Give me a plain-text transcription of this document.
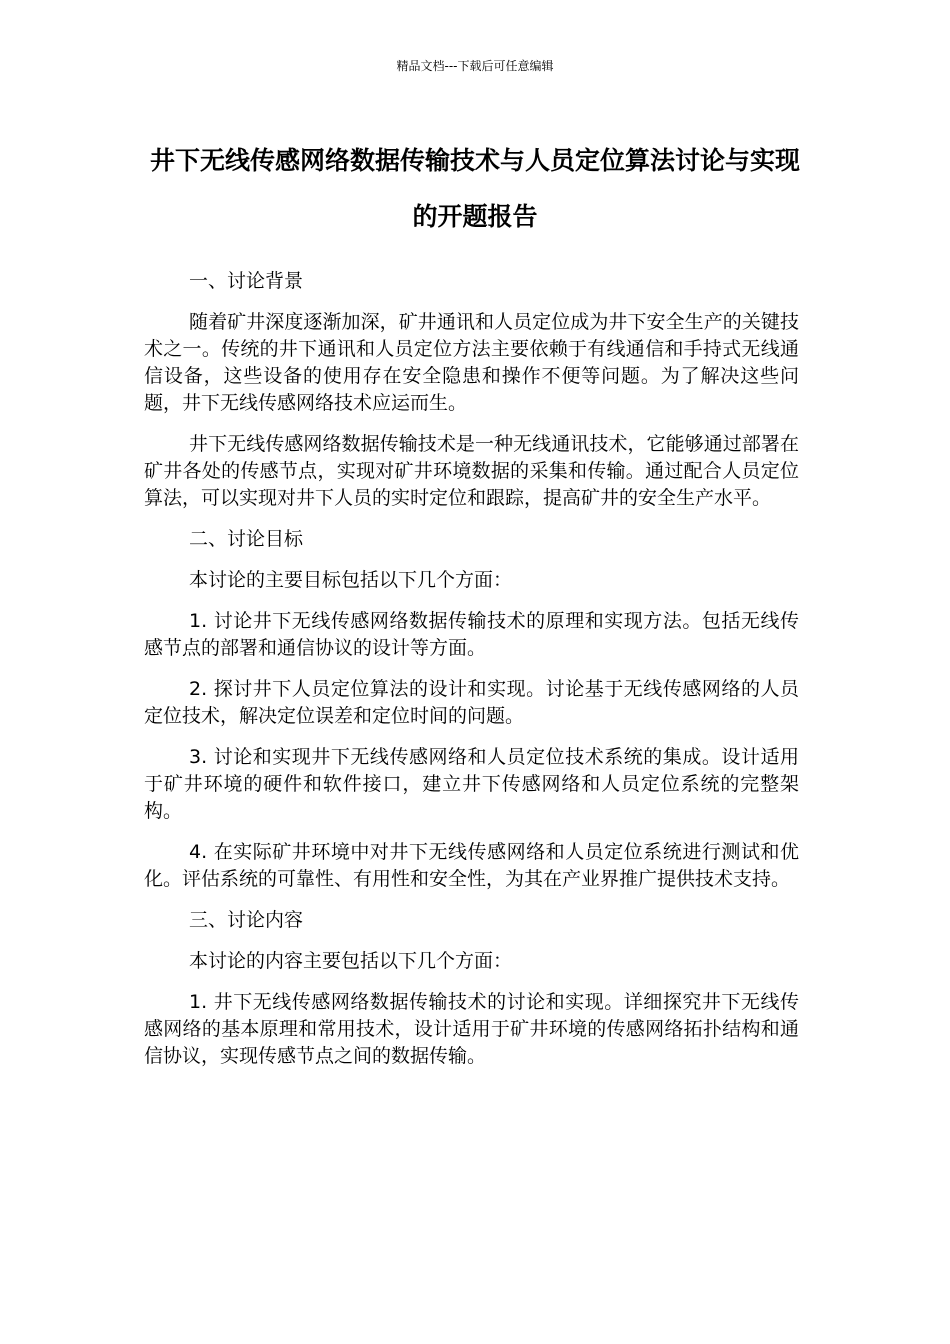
精品文档---下载后可任意编辑
井下无线传感网络数据传输技术与人员定位算法讨论与实现的开题报告

一、讨论背景

随着矿井深度逐渐加深，矿井通讯和人员定位成为井下安全生产的关键技术之一。传统的井下通讯和人员定位方法主要依赖于有线通信和手持式无线通信设备，这些设备的使用存在安全隐患和操作不便等问题。为了解决这些问题，井下无线传感网络技术应运而生。

井下无线传感网络数据传输技术是一种无线通讯技术，它能够通过部署在矿井各处的传感节点，实现对矿井环境数据的采集和传输。通过配合人员定位算法，可以实现对井下人员的实时定位和跟踪，提高矿井的安全生产水平。

二、讨论目标

本讨论的主要目标包括以下几个方面：

1. 讨论井下无线传感网络数据传输技术的原理和实现方法。包括无线传感节点的部署和通信协议的设计等方面。

2. 探讨井下人员定位算法的设计和实现。讨论基于无线传感网络的人员定位技术，解决定位误差和定位时间的问题。

3. 讨论和实现井下无线传感网络和人员定位技术系统的集成。设计适用于矿井环境的硬件和软件接口，建立井下传感网络和人员定位系统的完整架构。

4. 在实际矿井环境中对井下无线传感网络和人员定位系统进行测试和优化。评估系统的可靠性、有用性和安全性，为其在产业界推广提供技术支持。

三、讨论内容

本讨论的内容主要包括以下几个方面：

1. 井下无线传感网络数据传输技术的讨论和实现。详细探究井下无线传感网络的基本原理和常用技术，设计适用于矿井环境的传感网络拓扑结构和通信协议，实现传感节点之间的数据传输。
